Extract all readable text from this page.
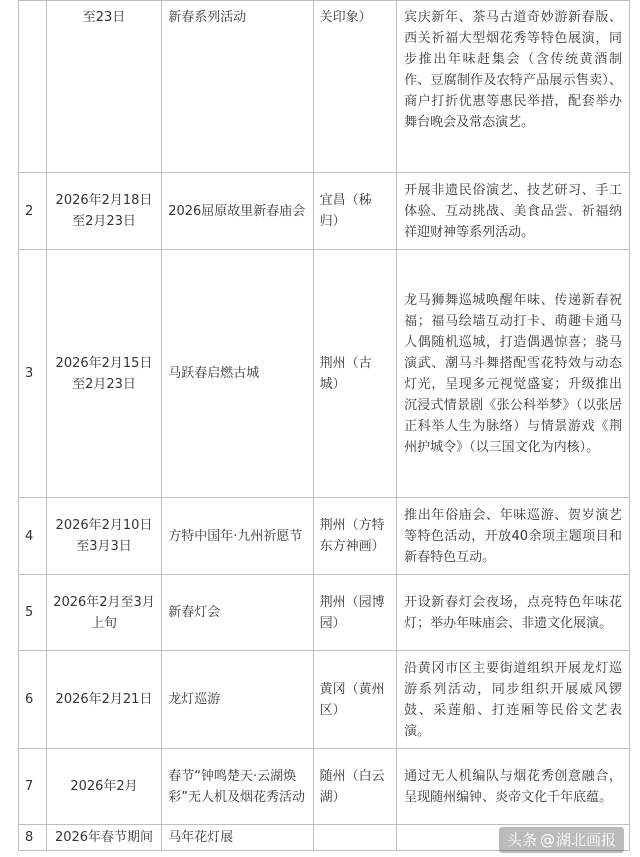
	至23日	新春系列活动	关印象）	宾庆新年、茶马古道奇妙游新春版、西关祈福大型烟花秀等特色展演，同步推出年味赶集会（含传统黄酒制作、豆腐制作及农特产品展示售卖）、商户打折优惠等惠民举措，配套举办舞台晚会及常态演艺。
2	2026年2月18日至2月23日	2026屈原故里新春庙会	宜昌（秭归）	开展非遗民俗演艺、技艺研习、手工体验、互动挑战、美食品尝、祈福纳祥迎财神等系列活动。
3	2026年2月15日至2月23日	马跃春启燃古城	荆州（古城）	龙马狮舞巡城唤醒年味、传递新春祝福；福马绘墙互动打卡、萌趣卡通马人偶随机巡城，打造偶遇惊喜；骁马演武、潮马斗舞搭配雪花特效与动态灯光，呈现多元视觉盛宴；升级推出沉浸式情景剧《张公科举梦》（以张居正科举人生为脉络）与情景游戏《荆州护城令》（以三国文化为内核）。
4	2026年2月10日至3月3日	方特中国年·九州祈愿节	荆州（方特东方神画）	推出年俗庙会、年味巡游、贺岁演艺等特色活动，开放40余项主题项目和新春特色互动。
5	2026年2月至3月上旬	新春灯会	荆州（园博园）	开设新春灯会夜场，点亮特色年味花灯；举办年味庙会、非遗文化展演。
6	2026年2月21日	龙灯巡游	黄冈（黄州区）	沿黄冈市区主要街道组织开展龙灯巡游系列活动，同步组织开展威风锣鼓、采莲船、打连厢等民俗文艺表演。
7	2026年2月	春节“钟鸣楚天·云湖焕彩”无人机及烟花秀活动	随州（白云湖）	通过无人机编队与烟花秀创意融合，呈现随州编钟、炎帝文化千年底蕴。
8	2026年春节期间	马年花灯展			头条 @ 湖北画报
